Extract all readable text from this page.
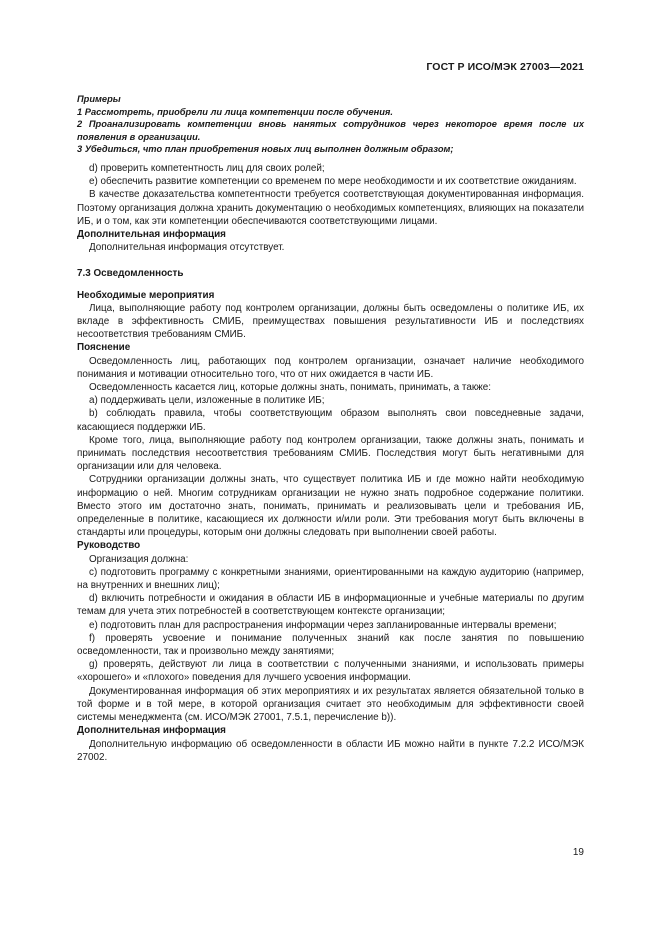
ГОСТ Р ИСО/МЭК 27003—2021
Примеры
1 Рассмотреть, приобрели ли лица компетенции после обучения.
2 Проанализировать компетенции вновь нанятых сотрудников через некоторое время после их появления в организации.
3 Убедиться, что план приобретения новых лиц выполнен должным образом;

d) проверить компетентность лиц для своих ролей;

e) обеспечить развитие компетенции со временем по мере необходимости и их соответствие ожиданиям.

В качестве доказательства компетентности требуется соответствующая документированная информация. Поэтому организация должна хранить документацию о необходимых компетенциях, влияющих на показатели ИБ, и о том, как эти компетенции обеспечиваются соответствующими лицами.

Дополнительная информация

Дополнительная информация отсутствует.

7.3 Осведомленность
Необходимые мероприятия

Лица, выполняющие работу под контролем организации, должны быть осведомлены о политике ИБ, их вкладе в эффективность СМИБ, преимуществах повышения результативности ИБ и последствиях несоответствия требованиям СМИБ.

Пояснение

Осведомленность лиц, работающих под контролем организации, означает наличие необходимого понимания и мотивации относительно того, что от них ожидается в части ИБ.

Осведомленность касается лиц, которые должны знать, понимать, принимать, а также:

a) поддерживать цели, изложенные в политике ИБ;

b) соблюдать правила, чтобы соответствующим образом выполнять свои повседневные задачи, касающиеся поддержки ИБ.

Кроме того, лица, выполняющие работу под контролем организации, также должны знать, понимать и принимать последствия несоответствия требованиям СМИБ. Последствия могут быть негативными для организации или для человека.

Сотрудники организации должны знать, что существует политика ИБ и где можно найти необходимую информацию о ней. Многим сотрудникам организации не нужно знать подробное содержание политики. Вместо этого им достаточно знать, понимать, принимать и реализовывать цели и требования ИБ, определенные в политике, касающиеся их должности и/или роли. Эти требования могут быть включены в стандарты или процедуры, которым они должны следовать при выполнении своей работы.

Руководство

Организация должна:

c) подготовить программу с конкретными знаниями, ориентированными на каждую аудиторию (например, на внутренних и внешних лиц);

d) включить потребности и ожидания в области ИБ в информационные и учебные материалы по другим темам для учета этих потребностей в соответствующем контексте организации;

e) подготовить план для распространения информации через запланированные интервалы времени;

f) проверять усвоение и понимание полученных знаний как после занятия по повышению осведомленности, так и произвольно между занятиями;

g) проверять, действуют ли лица в соответствии с полученными знаниями, и использовать примеры «хорошего» и «плохого» поведения для лучшего усвоения информации.

Документированная информация об этих мероприятиях и их результатах является обязательной только в той форме и в той мере, в которой организация считает это необходимым для эффективности своей системы менеджмента (см. ИСО/МЭК 27001, 7.5.1, перечисление b)).

Дополнительная информация

Дополнительную информацию об осведомленности в области ИБ можно найти в пункте 7.2.2 ИСО/МЭК 27002.

19
